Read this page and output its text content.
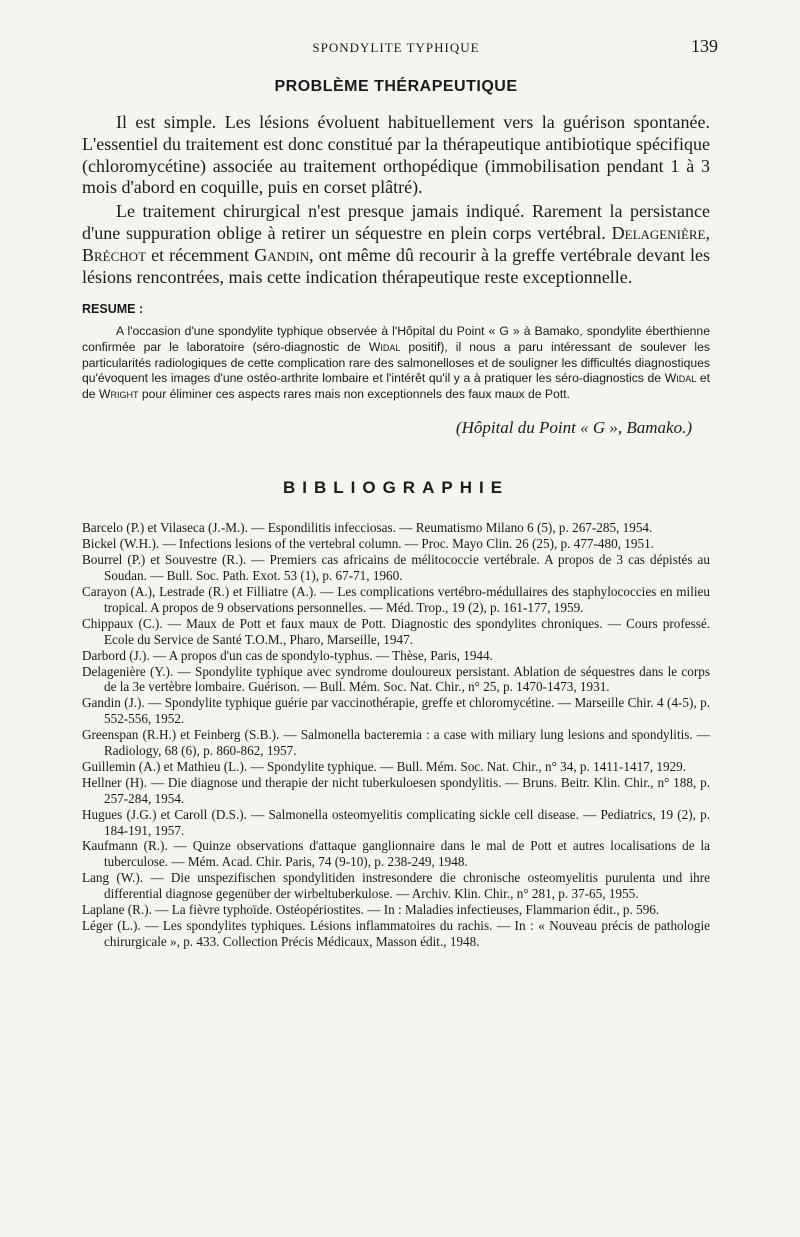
SPONDYLITE TYPHIQUE	139
PROBLÈME THÉRAPEUTIQUE

Il est simple. Les lésions évoluent habituellement vers la guérison spontanée. L'essentiel du traitement est donc constitué par la thérapeutique antibiotique spécifique (chloromycétine) associée au traitement orthopédique (immobilisation pendant 1 à 3 mois d'abord en coquille, puis en corset plâtré).

Le traitement chirurgical n'est presque jamais indiqué. Rarement la persistance d'une suppuration oblige à retirer un séquestre en plein corps vertébral. Delagenière, Bréchot et récemment Gandin, ont même dû recourir à la greffe vertébrale devant les lésions rencontrées, mais cette indication thérapeutique reste exceptionnelle.

RESUME :

A l'occasion d'une spondylite typhique observée à l'Hôpital du Point « G » à Bamako, spondylite éberthienne confirmée par le laboratoire (séro-diagnostic de Widal positif), il nous a paru intéressant de soulever les particularités radiologiques de cette complication rare des salmonelloses et de souligner les difficultés diagnostiques qu'évoquent les images d'une ostéo-arthrite lombaire et l'intérêt qu'il y a à pratiquer les séro-diagnostics de Widal et de Wright pour éliminer ces aspects rares mais non exceptionnels des faux maux de Pott.

(Hôpital du Point « G », Bamako.)
BIBLIOGRAPHIE
Barcelo (P.) et Vilaseca (J.-M.). — Espondilitis infecciosas. — Reumatismo Milano 6 (5), p. 267-285, 1954.
Bickel (W.H.). — Infections lesions of the vertebral column. — Proc. Mayo Clin. 26 (25), p. 477-480, 1951.
Bourrel (P.) et Souvestre (R.). — Premiers cas africains de mélitococcie vertébrale. A propos de 3 cas dépistés au Soudan. — Bull. Soc. Path. Exot. 53 (1), p. 67-71, 1960.
Carayon (A.), Lestrade (R.) et Filliatre (A.). — Les complications vertébro-médullaires des staphylococcies en milieu tropical. A propos de 9 observations personnelles. — Méd. Trop., 19 (2), p. 161-177, 1959.
Chippaux (C.). — Maux de Pott et faux maux de Pott. Diagnostic des spondylites chroniques. — Cours professé. Ecole du Service de Santé T.O.M., Pharo, Marseille, 1947.
Darbord (J.). — A propos d'un cas de spondylo-typhus. — Thèse, Paris, 1944.
Delagenière (Y.). — Spondylite typhique avec syndrome douloureux persistant. Ablation de séquestres dans le corps de la 3e vertèbre lombaire. Guérison. — Bull. Mém. Soc. Nat. Chir., n° 25, p. 1470-1473, 1931.
Gandin (J.). — Spondylite typhique guérie par vaccinothérapie, greffe et chloromycétine. — Marseille Chir. 4 (4-5), p. 552-556, 1952.
Greenspan (R.H.) et Feinberg (S.B.). — Salmonella bacteremia : a case with miliary lung lesions and spondylitis. — Radiology, 68 (6), p. 860-862, 1957.
Guillemin (A.) et Mathieu (L.). — Spondylite typhique. — Bull. Mém. Soc. Nat. Chir., n° 34, p. 1411-1417, 1929.
Hellner (H). — Die diagnose und therapie der nicht tuberkuloesen spondylitis. — Bruns. Beitr. Klin. Chir., n° 188, p. 257-284, 1954.
Hugues (J.G.) et Caroll (D.S.). — Salmonella osteomyelitis complicating sickle cell disease. — Pediatrics, 19 (2), p. 184-191, 1957.
Kaufmann (R.). — Quinze observations d'attaque ganglionnaire dans le mal de Pott et autres localisations de la tuberculose. — Mém. Acad. Chir. Paris, 74 (9-10), p. 238-249, 1948.
Lang (W.). — Die unspezifischen spondylitiden instresondere die chronische osteomyelitis purulenta und ihre differential diagnose gegenüber der wirbeltuberkulose. — Archiv. Klin. Chir., n° 281, p. 37-65, 1955.
Laplane (R.). — La fièvre typhoïde. Ostéopériostites. — In : Maladies infectieuses, Flammarion édit., p. 596.
Léger (L.). — Les spondylites typhiques. Lésions inflammatoires du rachis. — In : « Nouveau précis de pathologie chirurgicale », p. 433. Collection Précis Médicaux, Masson édit., 1948.
